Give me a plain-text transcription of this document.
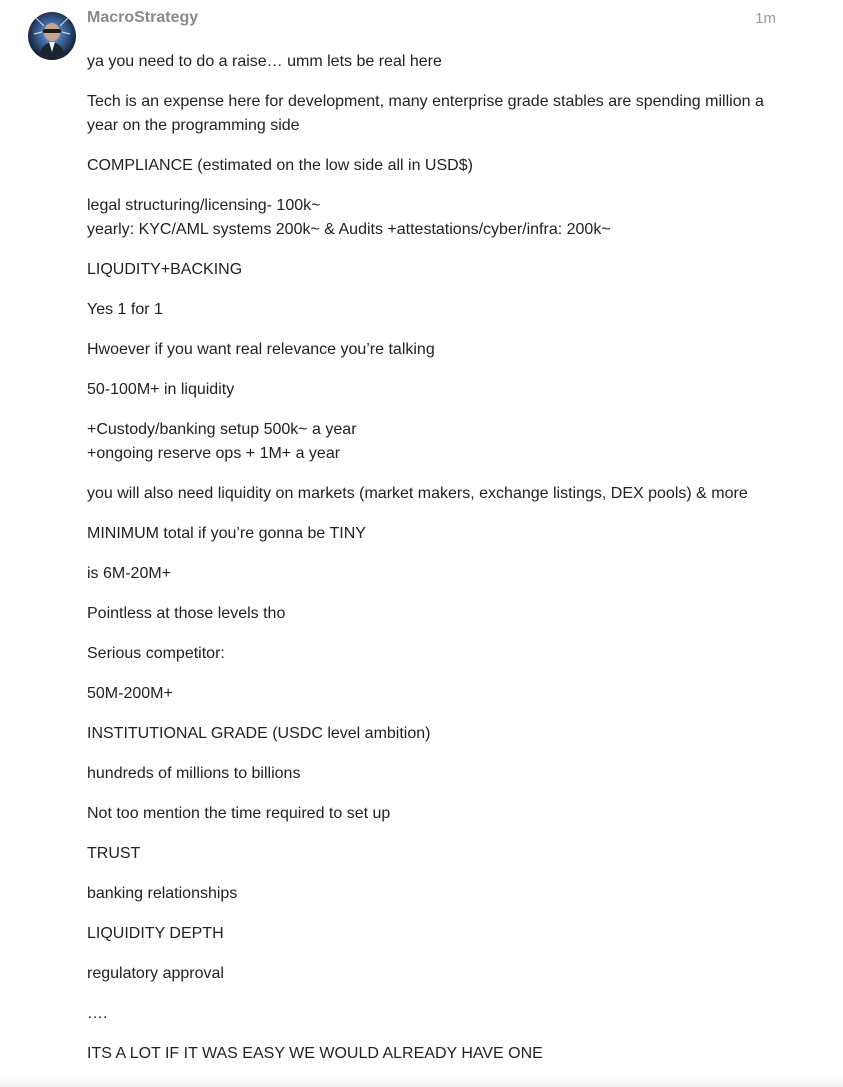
MacroStrategy	1m

ya you need to do a raise… umm lets be real here

Tech is an expense here for development, many enterprise grade stables are spending million a year on the programming side

COMPLIANCE (estimated on the low side all in USD$)

legal structuring/licensing- 100k~
yearly: KYC/AML systems 200k~ & Audits +attestations/cyber/infra: 200k~

LIQUDITY+BACKING

Yes 1 for 1

Hwoever if you want real relevance you’re talking

50-100M+ in liquidity

+Custody/banking setup 500k~ a year
+ongoing reserve ops + 1M+ a year

you will also need liquidity on markets (market makers, exchange listings, DEX pools) & more

MINIMUM total if you’re gonna be TINY

is 6M-20M+

Pointless at those levels tho

Serious competitor:

50M-200M+

INSTITUTIONAL GRADE (USDC level ambition)

hundreds of millions to billions

Not too mention the time required to set up

TRUST

banking relationships

LIQUIDITY DEPTH

regulatory approval

….

ITS A LOT IF IT WAS EASY WE WOULD ALREADY HAVE ONE
